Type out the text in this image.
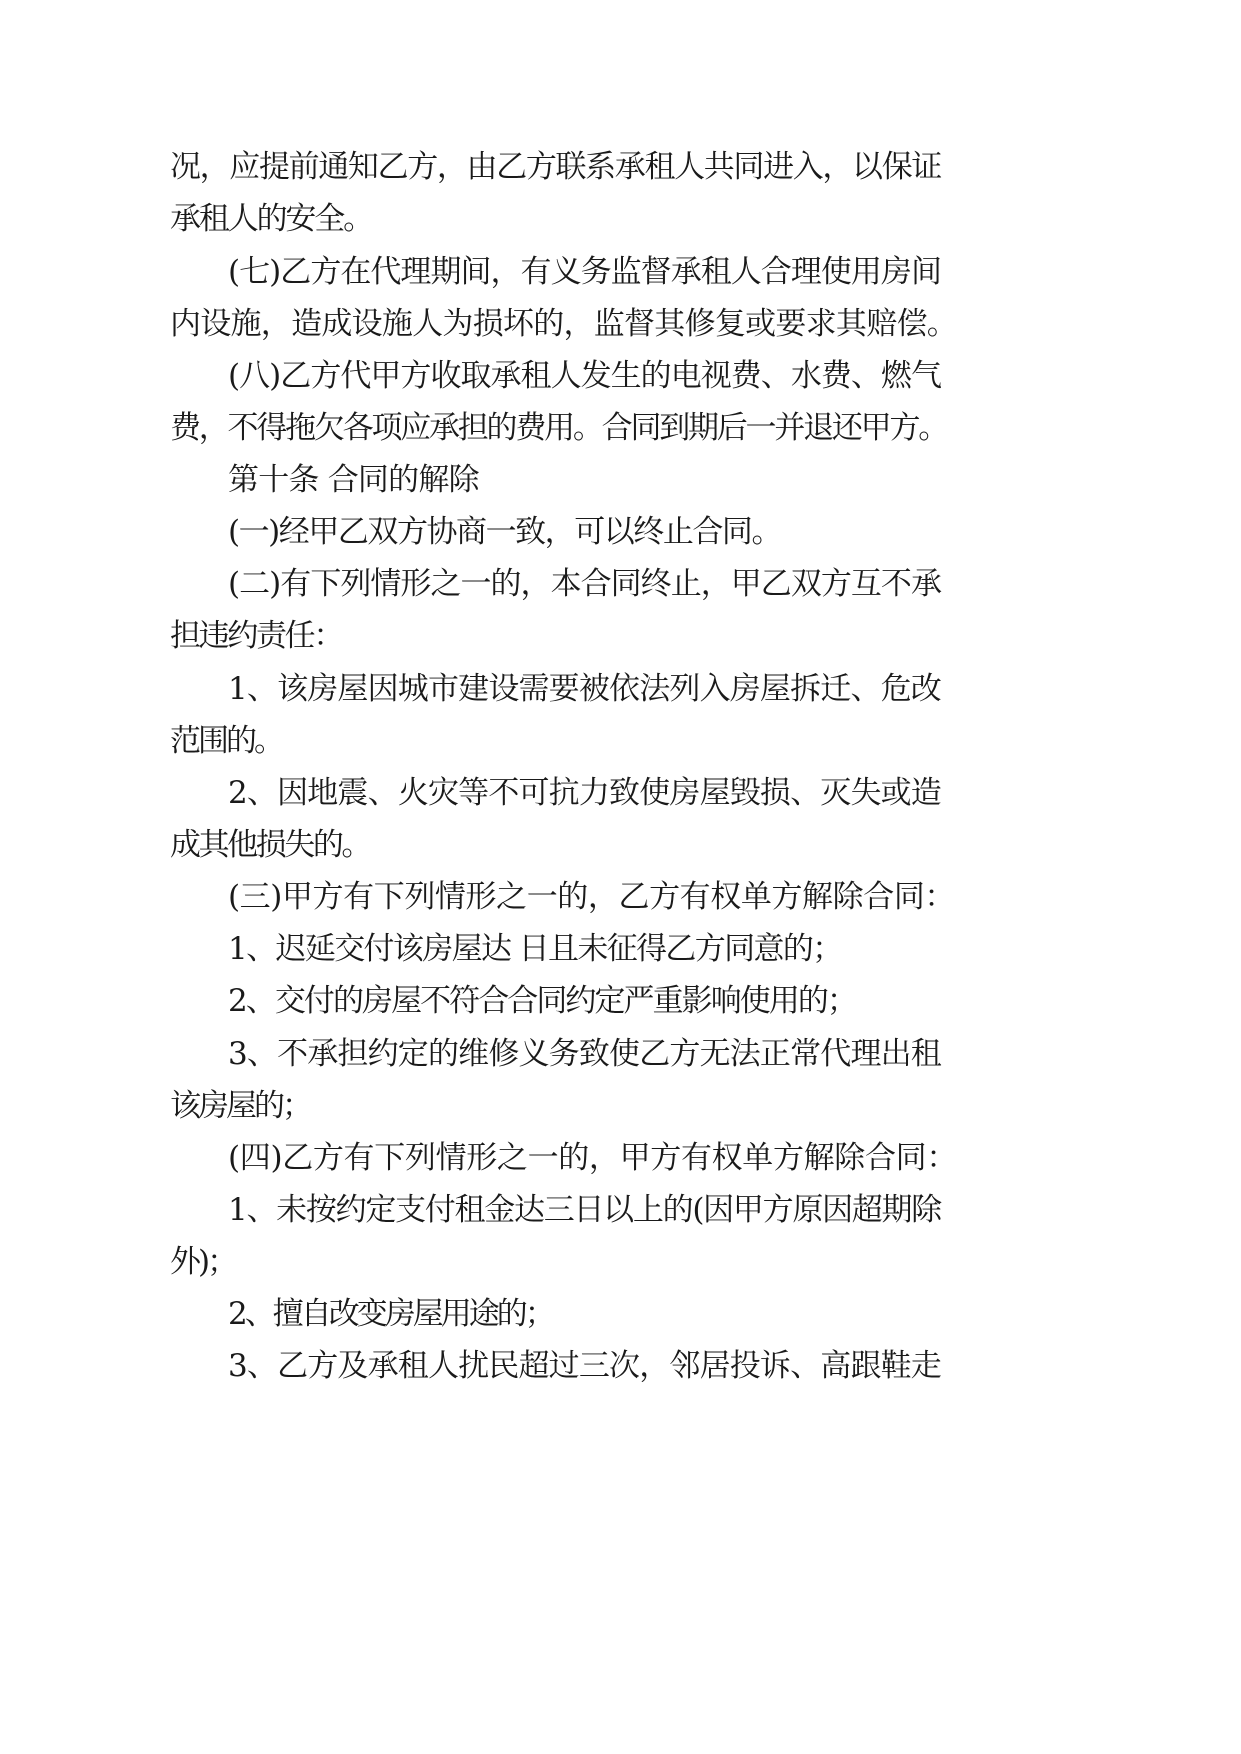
况，应提前通知乙方，由乙方联系承租人共同进入，以保证

承租人的安全。

(七)乙方在代理期间，有义务监督承租人合理使用房间

内设施，造成设施人为损坏的，监督其修复或要求其赔偿。

(八)乙方代甲方收取承租人发生的电视费、水费、燃气

费，不得拖欠各项应承担的费用。合同到期后一并退还甲方。

第十条 合同的解除

(一)经甲乙双方协商一致，可以终止合同。

(二)有下列情形之一的，本合同终止，甲乙双方互不承

担违约责任：

1、该房屋因城市建设需要被依法列入房屋拆迁、危改

范围的。

2、因地震、火灾等不可抗力致使房屋毁损、灭失或造

成其他损失的。

(三)甲方有下列情形之一的，乙方有权单方解除合同：

1、迟延交付该房屋达 日且未征得乙方同意的；

2、交付的房屋不符合合同约定严重影响使用的；

3、不承担约定的维修义务致使乙方无法正常代理出租

该房屋的；

(四)乙方有下列情形之一的，甲方有权单方解除合同：

1、未按约定支付租金达三日以上的(因甲方原因超期除

外)；

2、擅自改变房屋用途的；

3、乙方及承租人扰民超过三次，邻居投诉、高跟鞋走
